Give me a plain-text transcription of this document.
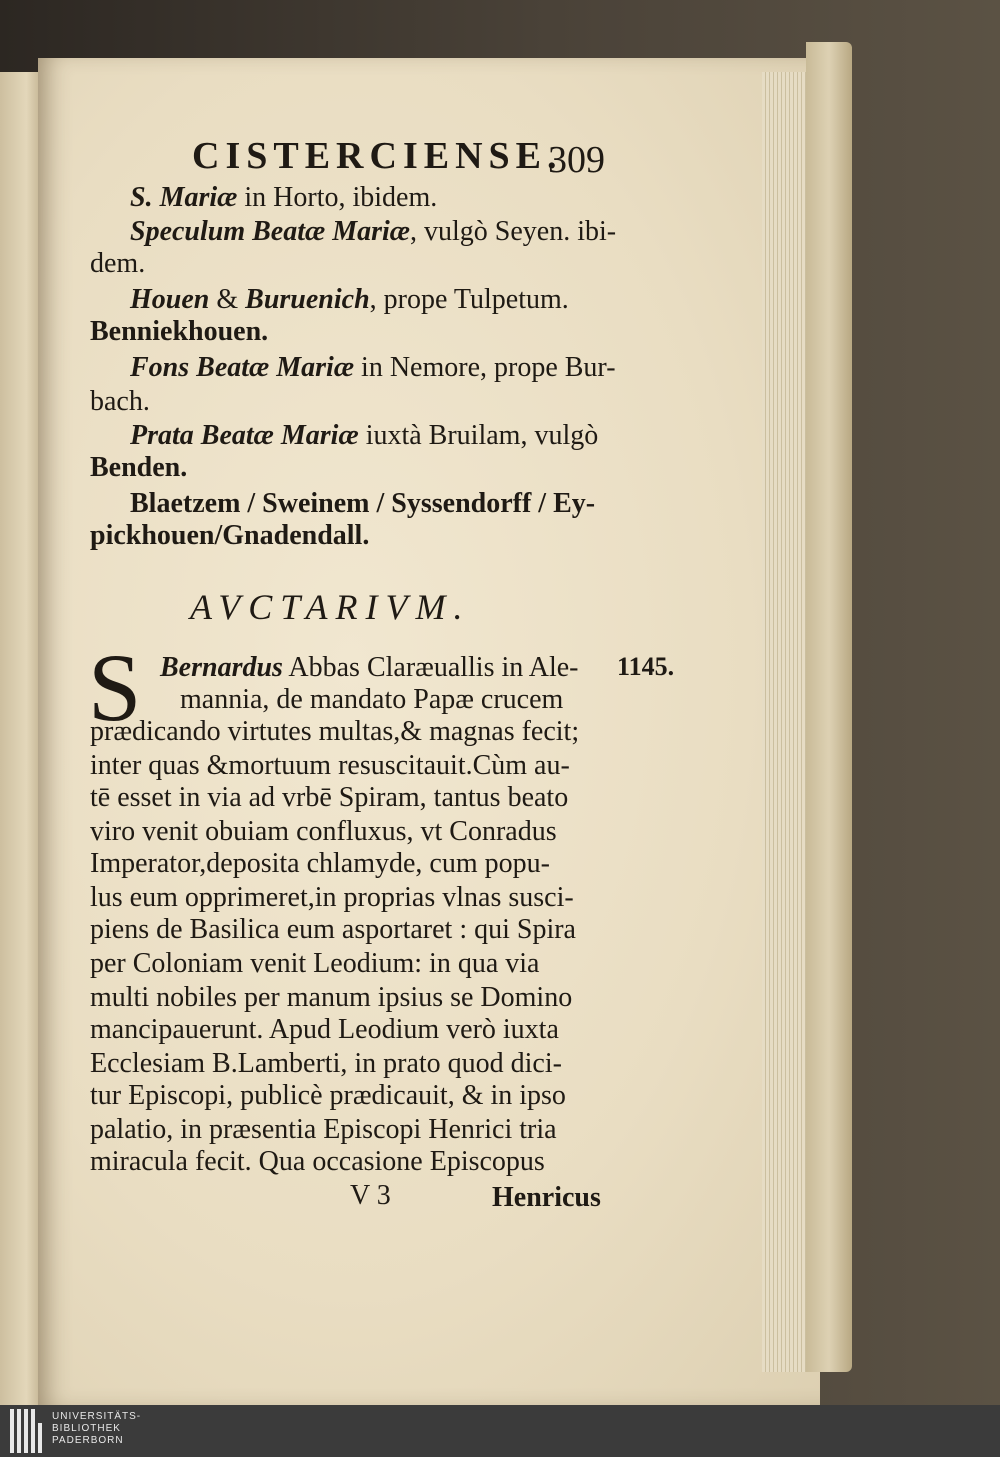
CISTERCIENSE.
309
S. Mariæ in Horto, ibidem.
Speculum Beatæ Mariæ, vulgò Seyen. ibi-
dem.
Houen & Buruenich, prope Tulpetum.
Benniekhouen.
Fons Beatæ Mariæ in Nemore, prope Bur-
bach.
Prata Beatæ Mariæ iuxtà Bruilam, vulgò
Benden.
Blaetzem / Sweinem / Syssendorff / Ey-
pickhouen/Gnadendall.
AVCTARIVM.
S	1145.
Bernardus Abbas Claræuallis in Ale-
mannia, de mandato Papæ crucem
prædicando virtutes multas,& magnas fecit;
inter quas &mortuum resuscitauit.Cùm au-
tē esset in via ad vrbē Spiram, tantus beato
viro venit obuiam confluxus, vt Conradus
Imperator,deposita chlamyde, cum popu-
lus eum opprimeret,in proprias vlnas susci-
piens de Basilica eum asportaret : qui Spira
per Coloniam venit Leodium: in qua via
multi nobiles per manum ipsius se Domino
mancipauerunt. Apud Leodium verò iuxta
Ecclesiam B.Lamberti, in prato quod dici-
tur Episcopi, publicè prædicauit, & in ipso
palatio, in præsentia Episcopi Henrici tria
miracula fecit. Qua occasione Episcopus
V 3	Henricus
UNIVERSITÄTS-
BIBLIOTHEK
PADERBORN
